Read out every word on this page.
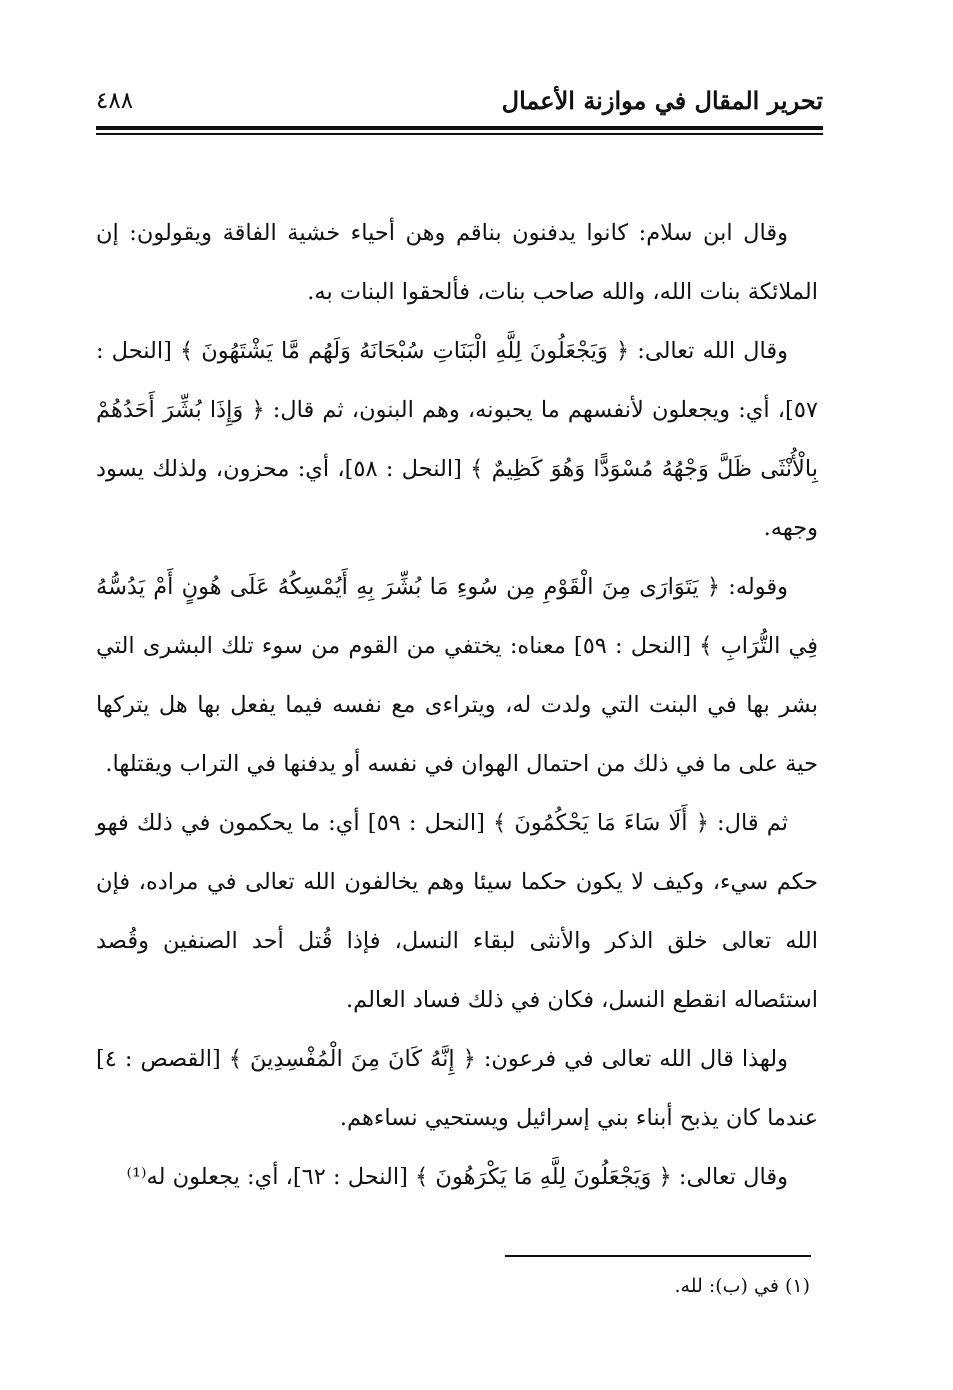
تحرير المقال في موازنة الأعمال
٤٨٨

وقال ابن سلام: كانوا يدفنون بناقم وهن أحياء خشية الفاقة ويقولون: إن الملائكة بنات الله، والله صاحب بنات، فألحقوا البنات به.

وقال الله تعالى: ﴿ وَيَجْعَلُونَ لِلَّهِ الْبَنَاتِ سُبْحَانَهُ وَلَهُم مَّا يَشْتَهُونَ ﴾ [النحل : ٥٧]، أي: ويجعلون لأنفسهم ما يحبونه، وهم البنون، ثم قال: ﴿ وَإِذَا بُشِّرَ أَحَدُهُمْ بِالْأُنْثَى ظَلَّ وَجْهُهُ مُسْوَدًّا وَهُوَ كَظِيمٌ ﴾ [النحل : ٥٨]، أي: محزون، ولذلك يسود وجهه.

وقوله: ﴿ يَتَوَارَى مِنَ الْقَوْمِ مِن سُوءِ مَا بُشِّرَ بِهِ أَيُمْسِكُهُ عَلَى هُونٍ أَمْ يَدُسُّهُ فِي التُّرَابِ ﴾ [النحل : ٥٩] معناه: يختفي من القوم من سوء تلك البشرى التي بشر بها في البنت التي ولدت له، ويتراءى مع نفسه فيما يفعل بها هل يتركها حية على ما في ذلك من احتمال الهوان في نفسه أو يدفنها في التراب ويقتلها.

ثم قال: ﴿ أَلَا سَاءَ مَا يَحْكُمُونَ ﴾ [النحل : ٥٩] أي: ما يحكمون في ذلك فهو حكم سيء، وكيف لا يكون حكما سيئا وهم يخالفون الله تعالى في مراده، فإن الله تعالى خلق الذكر والأنثى لبقاء النسل، فإذا قُتل أحد الصنفين وقُصد استئصاله انقطع النسل، فكان في ذلك فساد العالم.

ولهذا قال الله تعالى في فرعون: ﴿ إِنَّهُ كَانَ مِنَ الْمُفْسِدِينَ ﴾ [القصص : ٤] عندما كان يذبح أبناء بني إسرائيل ويستحيي نساءهم.

وقال تعالى: ﴿ وَيَجْعَلُونَ لِلَّهِ مَا يَكْرَهُونَ ﴾ [النحل : ٦٢]، أي: يجعلون له⁽¹⁾

(١) في (ب): لله.
